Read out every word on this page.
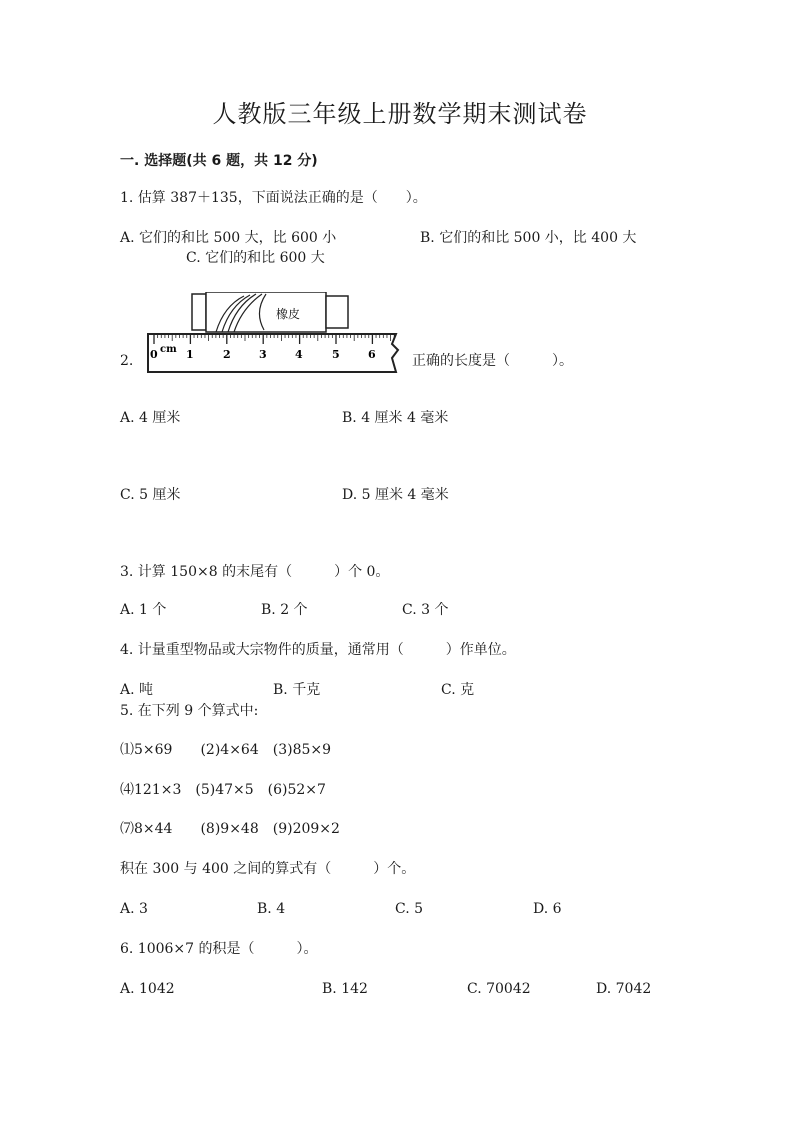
人教版三年级上册数学期末测试卷
一. 选择题(共 6 题，共 12 分)
1. 估算 387＋135，下面说法正确的是（　　）。
A. 它们的和比 500 大，比 600 小	B. 它们的和比 500 小，比 400 大
C. 它们的和比 600 大
2.
橡皮
cm
0	1	2	3	4	5	6	正确的长度是（　　　）。
A. 4 厘米	B. 4 厘米 4 毫米
C. 5 厘米	D. 5 厘米 4 毫米
3. 计算 150×8 的末尾有（　　　）个 0。
A. 1 个	B. 2 个	C. 3 个
4. 计量重型物品或大宗物件的质量，通常用（　　　）作单位。
A. 吨	B. 千克	C. 克
5. 在下列 9 个算式中:
⑴5×69　　(2)4×64　(3)85×9
⑷121×3　(5)47×5　(6)52×7
⑺8×44　　(8)9×48　(9)209×2
积在 300 与 400 之间的算式有（　　　）个。
A. 3	B. 4	C. 5	D. 6
6. 1006×7 的积是（　　　）。
A. 1042	B. 142	C. 70042	D. 7042
